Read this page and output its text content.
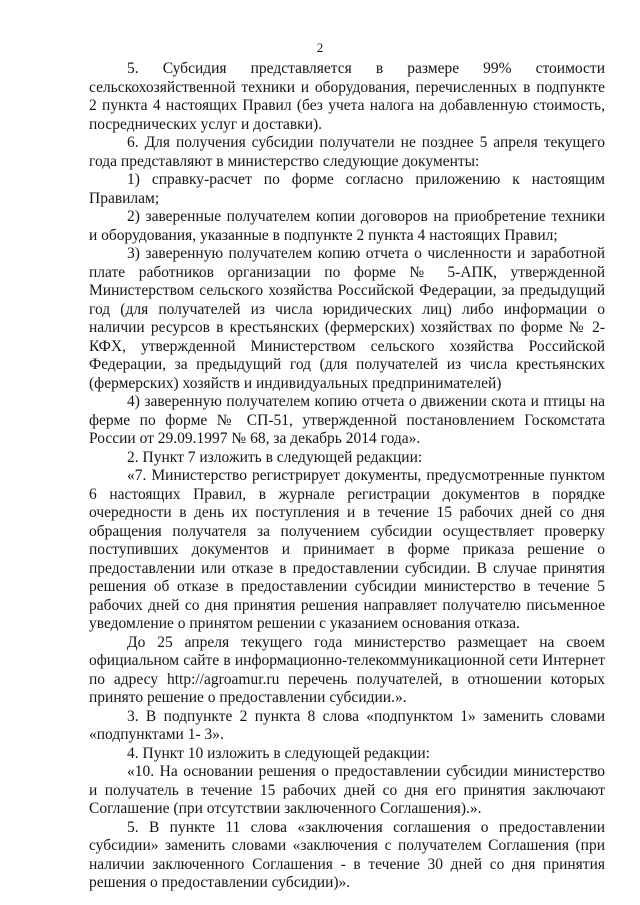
2

5. Субсидия представляется в размере 99% стоимости сельскохозяйственной техники и оборудования, перечисленных в подпункте 2 пункта 4 настоящих Правил (без учета налога на добавленную стоимость, посреднических услуг и доставки).

6. Для получения субсидии получатели не позднее 5 апреля текущего года представляют в министерство следующие документы:

1) справку-расчет по форме согласно приложению к настоящим Правилам;

2) заверенные получателем копии договоров на приобретение техники и оборудования, указанные в подпункте 2 пункта 4 настоящих Правил;

3) заверенную получателем копию отчета о численности и заработной плате работников организации по форме № 5-АПК, утвержденной Министерством сельского хозяйства Российской Федерации, за предыдущий год (для получателей из числа юридических лиц) либо информации о наличии ресурсов в крестьянских (фермерских) хозяйствах по форме № 2-КФХ, утвержденной Министерством сельского хозяйства Российской Федерации, за предыдущий год (для получателей из числа крестьянских (фермерских) хозяйств и индивидуальных предпринимателей)

4) заверенную получателем копию отчета о движении скота и птицы на ферме по форме № СП-51, утвержденной постановлением Госкомстата России от 29.09.1997 № 68, за декабрь 2014 года».

2. Пункт 7 изложить в следующей редакции:

«7. Министерство регистрирует документы, предусмотренные пунктом 6 настоящих Правил, в журнале регистрации документов в порядке очередности в день их поступления и в течение 15 рабочих дней со дня обращения получателя за получением субсидии осуществляет проверку поступивших документов и принимает в форме приказа решение о предоставлении или отказе в предоставлении субсидии. В случае принятия решения об отказе в предоставлении субсидии министерство в течение 5 рабочих дней со дня принятия решения направляет получателю письменное уведомление о принятом решении с указанием основания отказа.

До 25 апреля текущего года министерство размещает на своем официальном сайте в информационно-телекоммуникационной сети Интернет по адресу http://agroamur.ru перечень получателей, в отношении которых принято решение о предоставлении субсидии.».

3. В подпункте 2 пункта 8 слова «подпунктом 1» заменить словами «подпунктами 1- 3».

4. Пункт 10 изложить в следующей редакции:

«10. На основании решения о предоставлении субсидии министерство и получатель в течение 15 рабочих дней со дня его принятия заключают Соглашение (при отсутствии заключенного Соглашения).».

5. В пункте 11 слова «заключения соглашения о предоставлении субсидии» заменить словами «заключения с получателем Соглашения (при наличии заключенного Соглашения - в течение 30 дней со дня принятия решения о предоставлении субсидии)».
